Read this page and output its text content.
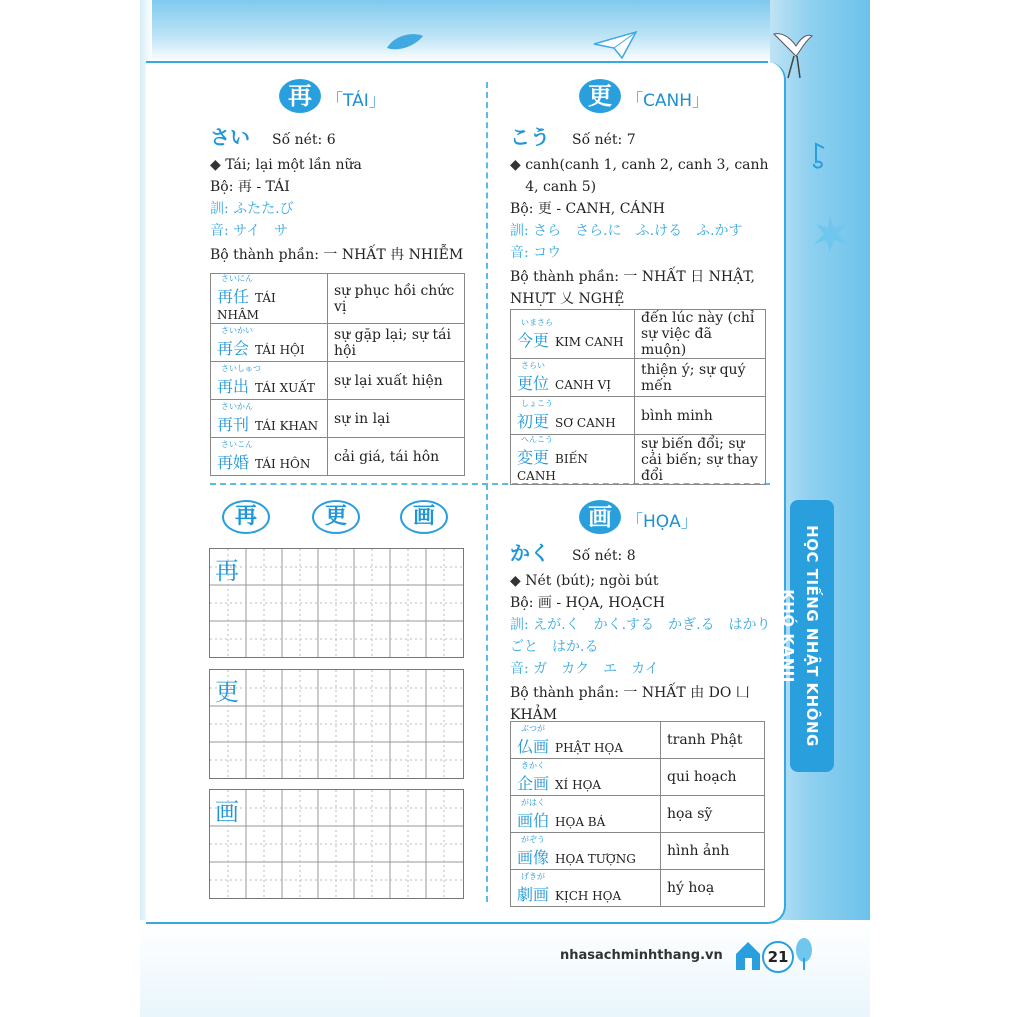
再 「TÁI」
さい Số nét: 6
◆ Tái; lại một lần nữa
Bộ: 再 - TÁI
訓: ふたた.び
音: サイ　サ
Bộ thành phần: 一 NHẤT 冉 NHIỄM
さいにん
再任 TÁI NHÂM	sự phục hồi chức vị

さいかい
再会 TÁI HỘI	sự gặp lại; sự tái hội

さいしゅつ
再出 TÁI XUẤT	sự lại xuất hiện

さいかん
再刊 TÁI KHAN	sự in lại

さいこん
再婚 TÁI HÔN	cải giá, tái hôn
更 「CANH」
こう Số nét: 7
◆ canh(canh 1, canh 2, canh 3, canh 4, canh 5)
Bộ: 更 - CANH, CÁNH
訓: さら　さら.に　ふ.ける　ふ.かす
音: コウ
Bộ thành phần: 一 NHẤT 日 NHẬT, NHỰT 乂 NGHỆ
いまさら
今更 KIM CANH	đến lúc này (chỉ sự việc đã muộn)

さらい
更位 CANH VỊ	thiện ý; sự quý mến

しょこう
初更 SƠ CANH	bình minh

へんこう
変更 BIẾN CANH	sự biến đổi; sự cải biến; sự thay đổi
再	更	画
再
更
画
画 「HỌA」
かく Số nét: 8
◆ Nét (bút); ngòi bút
Bộ: 画 - HỌA, HOẠCH
訓: えが.く　かく.する　かぎ.る　はかりごと　はか.る
音: ガ　カク　エ　カイ
Bộ thành phần: 一 NHẤT 由 DO 凵 KHẢM
ぶつが
仏画 PHẬT HỌA	tranh Phật

きかく
企画 XÍ HỌA	qui hoạch

がはく
画伯 HỌA BÁ	họa sỹ

がぞう
画像 HỌA TƯỢNG	hình ảnh

げきが
劇画 KỊCH HỌA	hý hoạ
HỌC TIẾNG NHẬT KHÔNG KHÓ KANJI
nhasachminhthang.vn	21
